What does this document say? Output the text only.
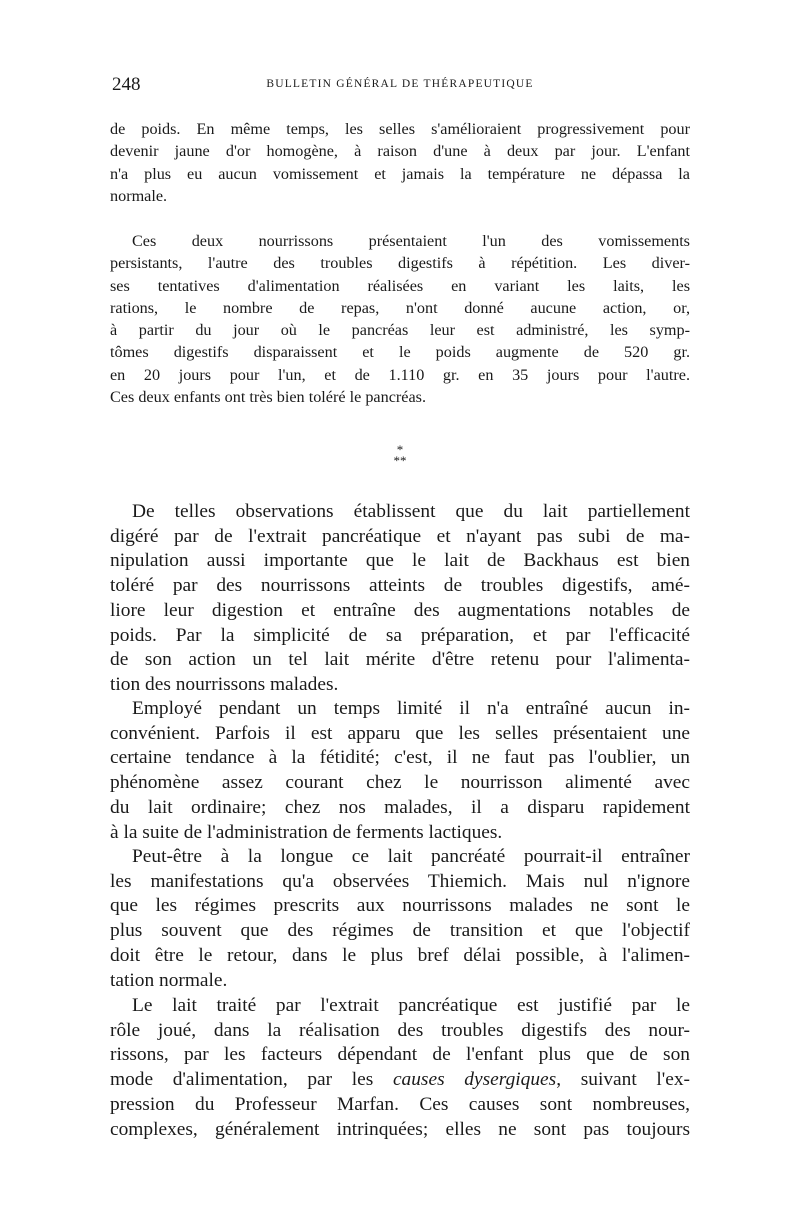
248	BULLETIN GÉNÉRAL DE THÉRAPEUTIQUE

de poids. En même temps, les selles s'amélioraient progressivement pour
devenir jaune d'or homogène, à raison d'une à deux par jour. L'enfant
n'a plus eu aucun vomissement et jamais la température ne dépassa la
normale.

Ces deux nourrissons présentaient l'un des vomissements
persistants, l'autre des troubles digestifs à répétition. Les diver-
ses tentatives d'alimentation réalisées en variant les laits, les
rations, le nombre de repas, n'ont donné aucune action, or,
à partir du jour où le pancréas leur est administré, les symp-
tômes digestifs disparaissent et le poids augmente de 520 gr.
en 20 jours pour l'un, et de 1.110 gr. en 35 jours pour l'autre.
Ces deux enfants ont très bien toléré le pancréas.

*
**

De telles observations établissent que du lait partiellement
digéré par de l'extrait pancréatique et n'ayant pas subi de ma-
nipulation aussi importante que le lait de Backhaus est bien
toléré par des nourrissons atteints de troubles digestifs, amé-
liore leur digestion et entraîne des augmentations notables de
poids. Par la simplicité de sa préparation, et par l'efficacité
de son action un tel lait mérite d'être retenu pour l'alimenta-
tion des nourrissons malades.

Employé pendant un temps limité il n'a entraîné aucun in-
convénient. Parfois il est apparu que les selles présentaient une
certaine tendance à la fétidité; c'est, il ne faut pas l'oublier, un
phénomène assez courant chez le nourrisson alimenté avec
du lait ordinaire; chez nos malades, il a disparu rapidement
à la suite de l'administration de ferments lactiques.

Peut-être à la longue ce lait pancréaté pourrait-il entraîner
les manifestations qu'a observées Thiemich. Mais nul n'ignore
que les régimes prescrits aux nourrissons malades ne sont le
plus souvent que des régimes de transition et que l'objectif
doit être le retour, dans le plus bref délai possible, à l'alimen-
tation normale.

Le lait traité par l'extrait pancréatique est justifié par le
rôle joué, dans la réalisation des troubles digestifs des nour-
rissons, par les facteurs dépendant de l'enfant plus que de son
mode d'alimentation, par les causes dysergiques, suivant l'ex-
pression du Professeur Marfan. Ces causes sont nombreuses,
complexes, généralement intrinquées; elles ne sont pas toujours
